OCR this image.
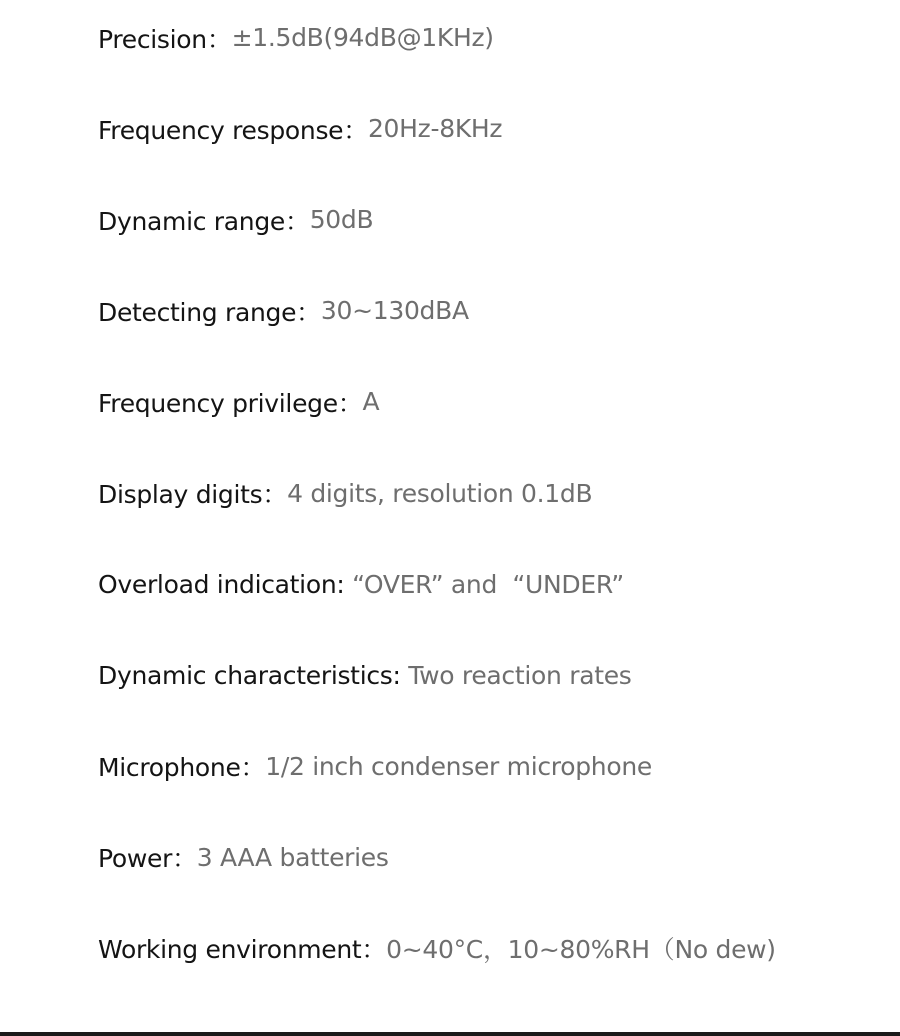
Precision： ±1.5dB(94dB@1KHz)
Frequency response： 20Hz-8KHz
Dynamic range： 50dB
Detecting range： 30~130dBA
Frequency privilege： A
Display digits： 4 digits, resolution 0.1dB
Overload indication: “OVER” and  “UNDER”
Dynamic characteristics: Two reaction rates
Microphone： 1/2 inch condenser microphone
Power： 3 AAA batteries
Working environment： 0~40°C，10~80%RH（No dew)
